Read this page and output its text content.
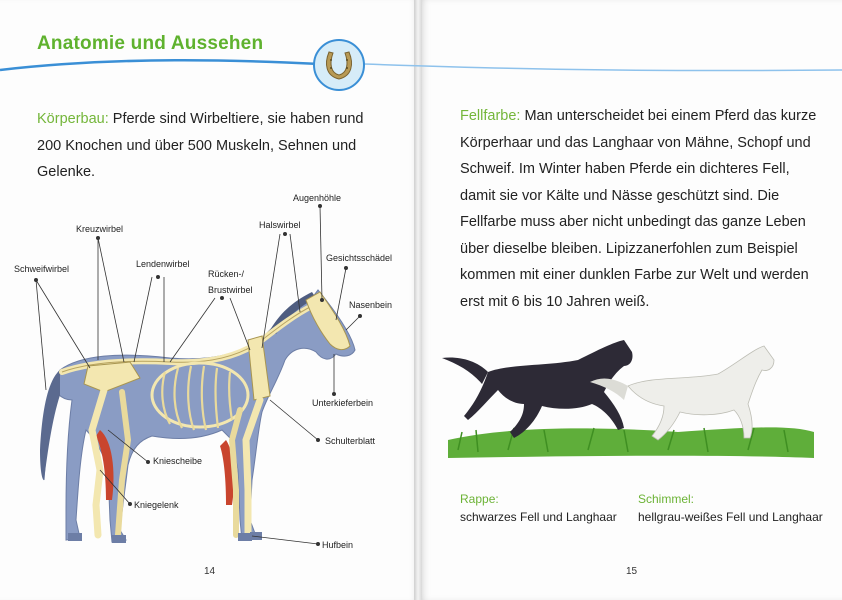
Anatomie und Aussehen

Körperbau: Pferde sind Wirbeltiere, sie haben rund 200 Knochen und über 500 Muskeln, Sehnen und Gelenke.

Augenhöhle
Kreuzwirbel	Halswirbel
Gesichtsschädel
Schweifwirbel	Lendenwirbel
Rücken-/
Brustwirbel
Nasenbein
Unterkieferbein
Schulterblatt
Kniescheibe
Kniegelenk
Hufbein
14

Fellfarbe: Man unterscheidet bei einem Pferd das kurze Körperhaar und das Langhaar von Mähne, Schopf und Schweif. Im Winter haben Pferde ein dichteres Fell, damit sie vor Kälte und Nässe geschützt sind. Die Fellfarbe muss aber nicht unbedingt das ganze Leben über dieselbe bleiben. Lipizzanerfohlen zum Beispiel kommen mit einer dunklen Farbe zur Welt und werden erst mit 6 bis 10 Jahren weiß.

Rappe:
schwarzes Fell und Langhaar
Schimmel:
hellgrau-weißes Fell und Langhaar
15
